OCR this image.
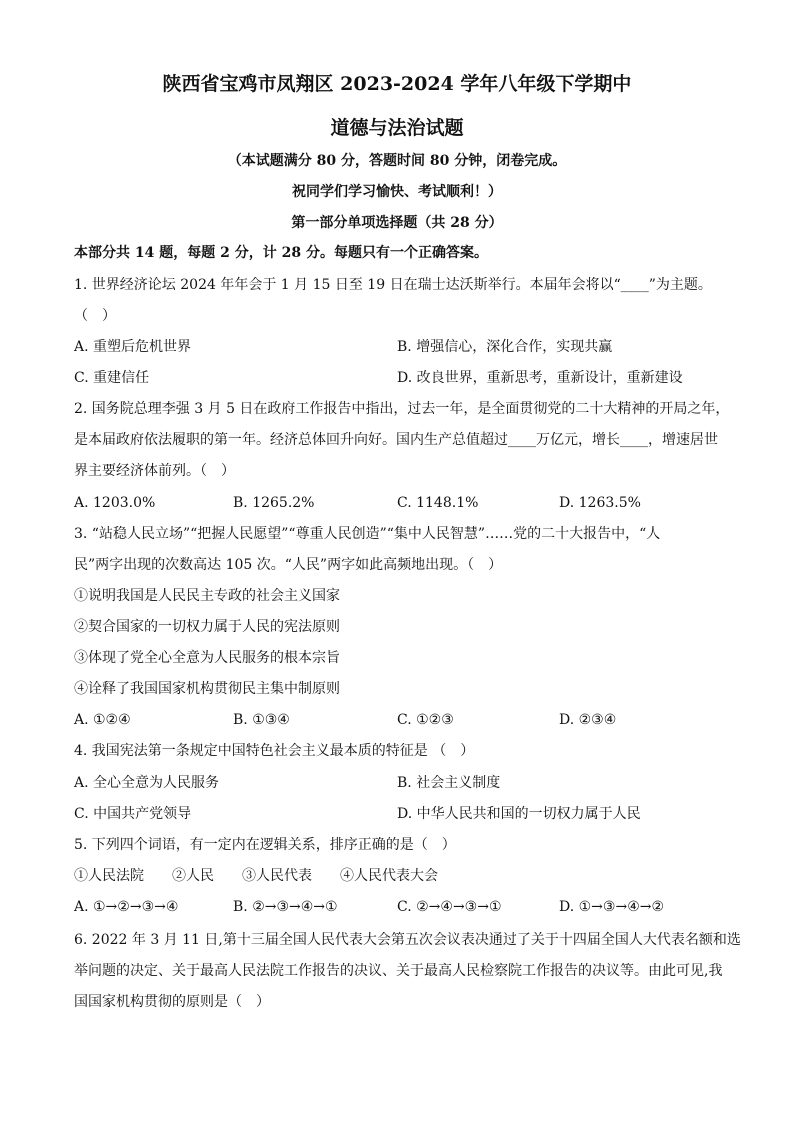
陕西省宝鸡市凤翔区 2023-2024 学年八年级下学期中
道德与法治试题
（本试题满分 80 分，答题时间 80 分钟，闭卷完成。
祝同学们学习愉快、考试顺利！）
第一部分单项选择题（共 28 分）
本部分共 14 题，每题 2 分，计 28 分。每题只有一个正确答案。
1. 世界经济论坛 2024 年年会于 1 月 15 日至 19 日在瑞士达沃斯举行。本届年会将以“____”为主题。
（　）
A. 重塑后危机世界	B. 增强信心，深化合作，实现共赢
C. 重建信任	D. 改良世界，重新思考，重新设计，重新建设
2. 国务院总理李强 3 月 5 日在政府工作报告中指出，过去一年，是全面贯彻党的二十大精神的开局之年，
是本届政府依法履职的第一年。经济总体回升向好。国内生产总值超过____万亿元，增长____，增速居世
界主要经济体前列。（　）
A. 1203.0%	B. 1265.2%	C. 1148.1%	D. 1263.5%
3. “站稳人民立场”“把握人民愿望”“尊重人民创造”“集中人民智慧”……党的二十大报告中，“人
民”两字出现的次数高达 105 次。“人民”两字如此高频地出现。（　）
①说明我国是人民民主专政的社会主义国家
②契合国家的一切权力属于人民的宪法原则
③体现了党全心全意为人民服务的根本宗旨
④诠释了我国国家机构贯彻民主集中制原则
A. ①②④	B. ①③④	C. ①②③	D. ②③④
4. 我国宪法第一条规定中国特色社会主义最本质的特征是 （　）
A. 全心全意为人民服务	B. 社会主义制度
C. 中国共产党领导	D. 中华人民共和国的一切权力属于人民
5. 下列四个词语，有一定内在逻辑关系，排序正确的是（　）
①人民法院　　②人民　　③人民代表　　④人民代表大会
A. ①→②→③→④	B. ②→③→④→①	C. ②→④→③→①	D. ①→③→④→②
6. 2022 年 3 月 11 日,第十三届全国人民代表大会第五次会议表决通过了关于十四届全国人大代表名额和选
举问题的决定、关于最高人民法院工作报告的决议、关于最高人民检察院工作报告的决议等。由此可见,我
国国家机构贯彻的原则是（　）
